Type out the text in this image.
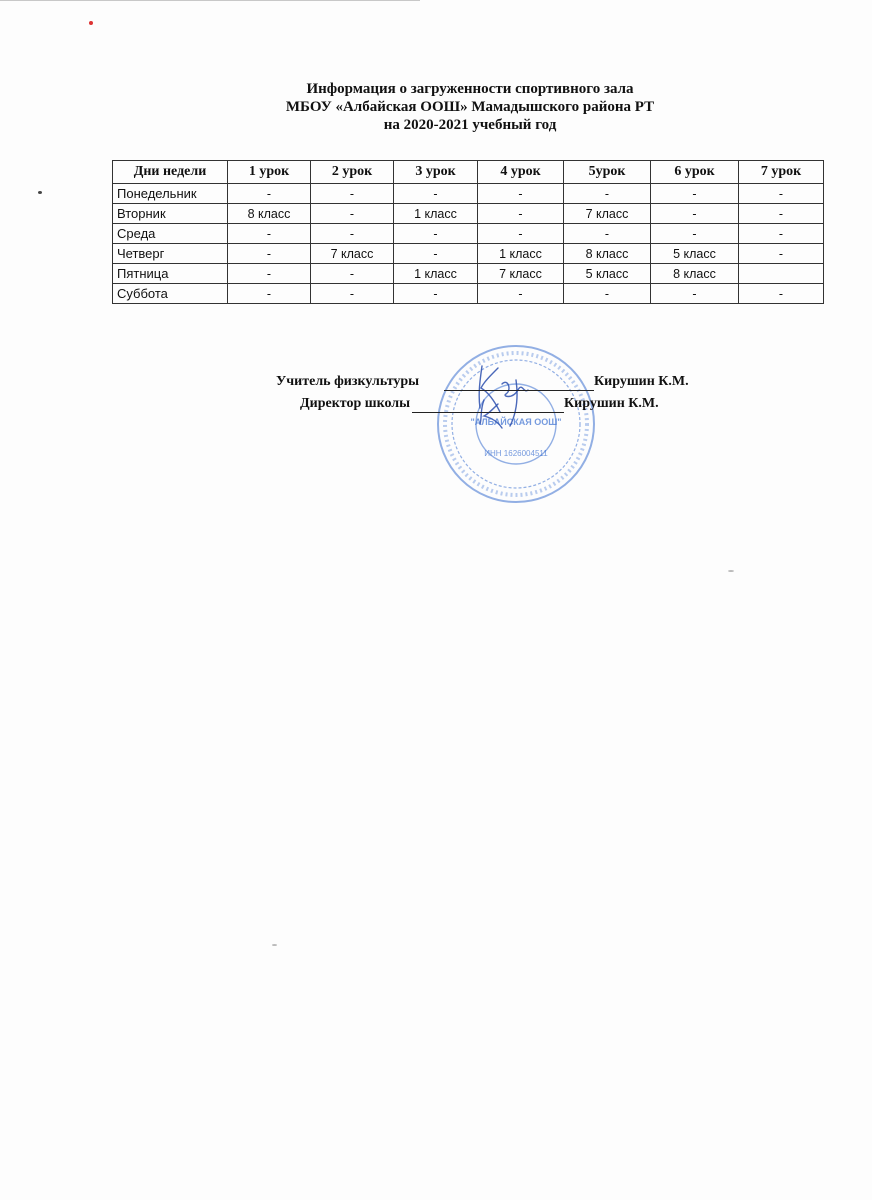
Информация о загруженности спортивного зала
МБОУ «Албайская ООШ» Мамадышского района РТ
на 2020-2021 учебный год
Дни недели	1 урок	2 урок	3 урок	4 урок	5урок	6 урок	7 урок
Понедельник	-	-	-	-	-	-	-
Вторник	8 класс	-	1 класс	-	7 класс	-	-
Среда	-	-	-	-	-	-	-
Четверг	-	7 класс	-	1 класс	8 класс	5 класс	-
Пятница	-	-	1 класс	7 класс	5 класс	8 класс	
Суббота	-	-	-	-	-	-	-
"АЛБАЙСКАЯ ООШ"
ИНН 1626004511
Учитель физкультуры	Кирушин К.М.
Директор школы	Кирушин К.М.
